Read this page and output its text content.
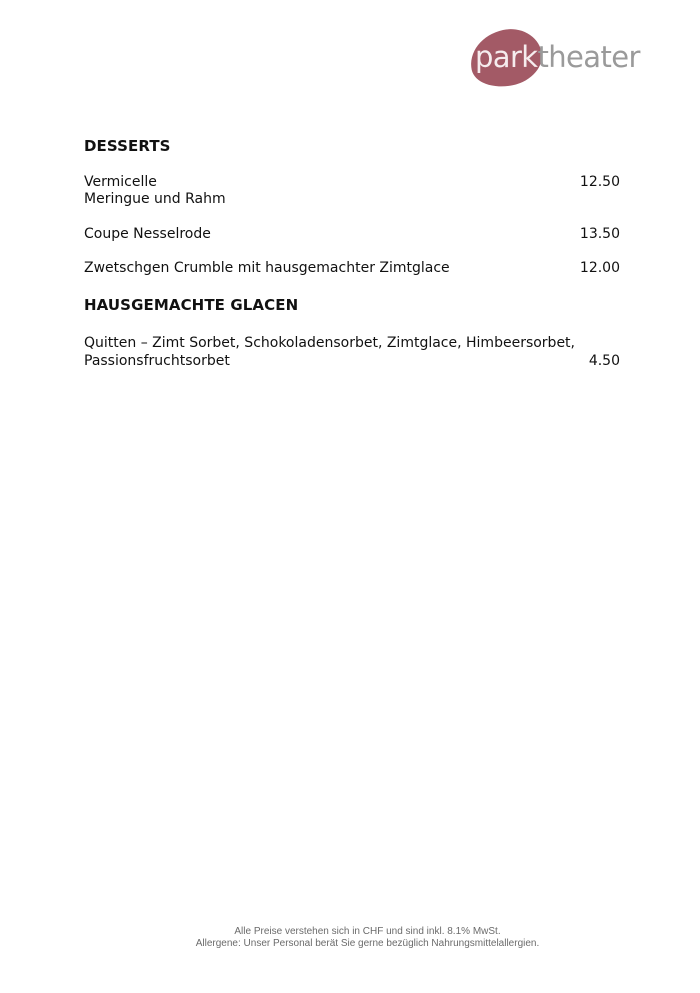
parktheater
DESSERTS
Vermicelle
Meringue und Rahm
12.50
Coupe Nesselrode	13.50
Zwetschgen Crumble mit hausgemachter Zimtglace	12.00
HAUSGEMACHTE GLACEN
Quitten – Zimt Sorbet, Schokoladensorbet, Zimtglace, Himbeersorbet,
Passionsfruchtsorbet	4.50
Alle Preise verstehen sich in CHF und sind inkl. 8.1% MwSt.
Allergene: Unser Personal berät Sie gerne bezüglich Nahrungsmittelallergien.
